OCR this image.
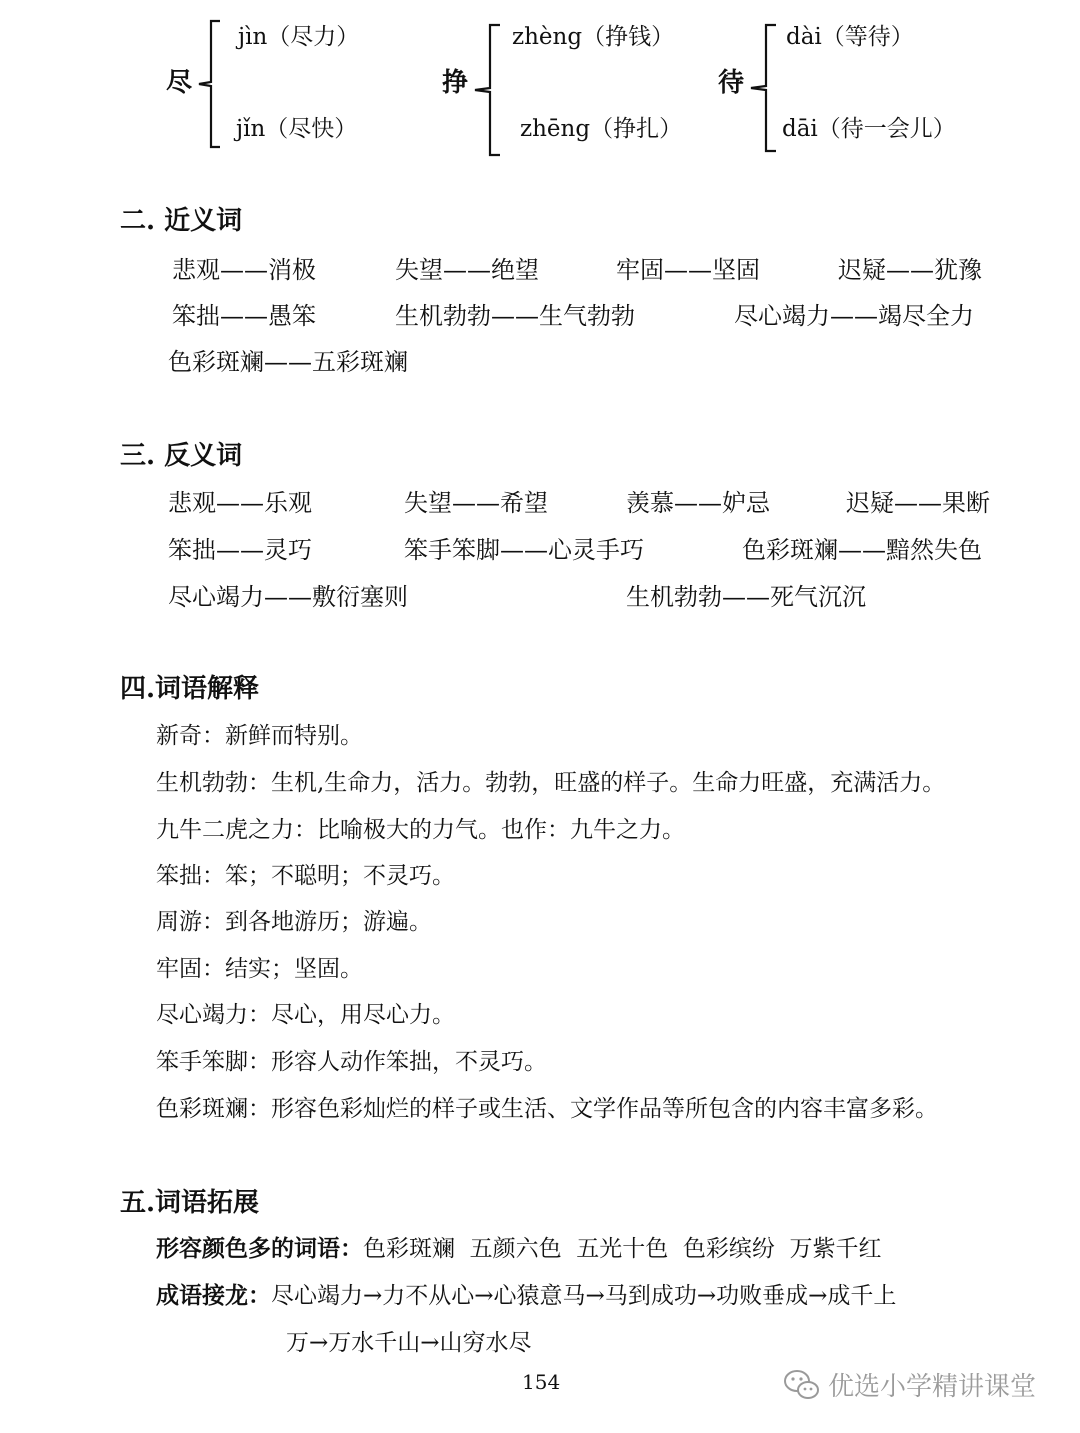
尽
jìn（尽力）
jǐn（尽快）
挣
zhèng（挣钱）
zhēng（挣扎）
待
dài（等待）
dāi（待一会儿）
二. 近义词
悲观——消极	失望——绝望	牢固——坚固	迟疑——犹豫
笨拙——愚笨	生机勃勃——生气勃勃	尽心竭力——竭尽全力
色彩斑斓——五彩斑斓
三. 反义词
悲观——乐观	失望——希望	羡慕——妒忌	迟疑——果断
笨拙——灵巧	笨手笨脚——心灵手巧	色彩斑斓——黯然失色
尽心竭力——敷衍塞则	生机勃勃——死气沉沉
四.词语解释
新奇：新鲜而特别。
生机勃勃：生机,生命力，活力。勃勃，旺盛的样子。生命力旺盛，充满活力。
九牛二虎之力：比喻极大的力气。也作：九牛之力。
笨拙：笨；不聪明；不灵巧。
周游：到各地游历；游遍。
牢固：结实；坚固。
尽心竭力：尽心，用尽心力。
笨手笨脚：形容人动作笨拙，不灵巧。
色彩斑斓：形容色彩灿烂的样子或生活、文学作品等所包含的内容丰富多彩。
五.词语拓展
形容颜色多的词语：色彩斑斓  五颜六色  五光十色  色彩缤纷  万紫千红
成语接龙：尽心竭力→力不从心→心猿意马→马到成功→功败垂成→成千上
万→万水千山→山穷水尽
154	优选小学精讲课堂
